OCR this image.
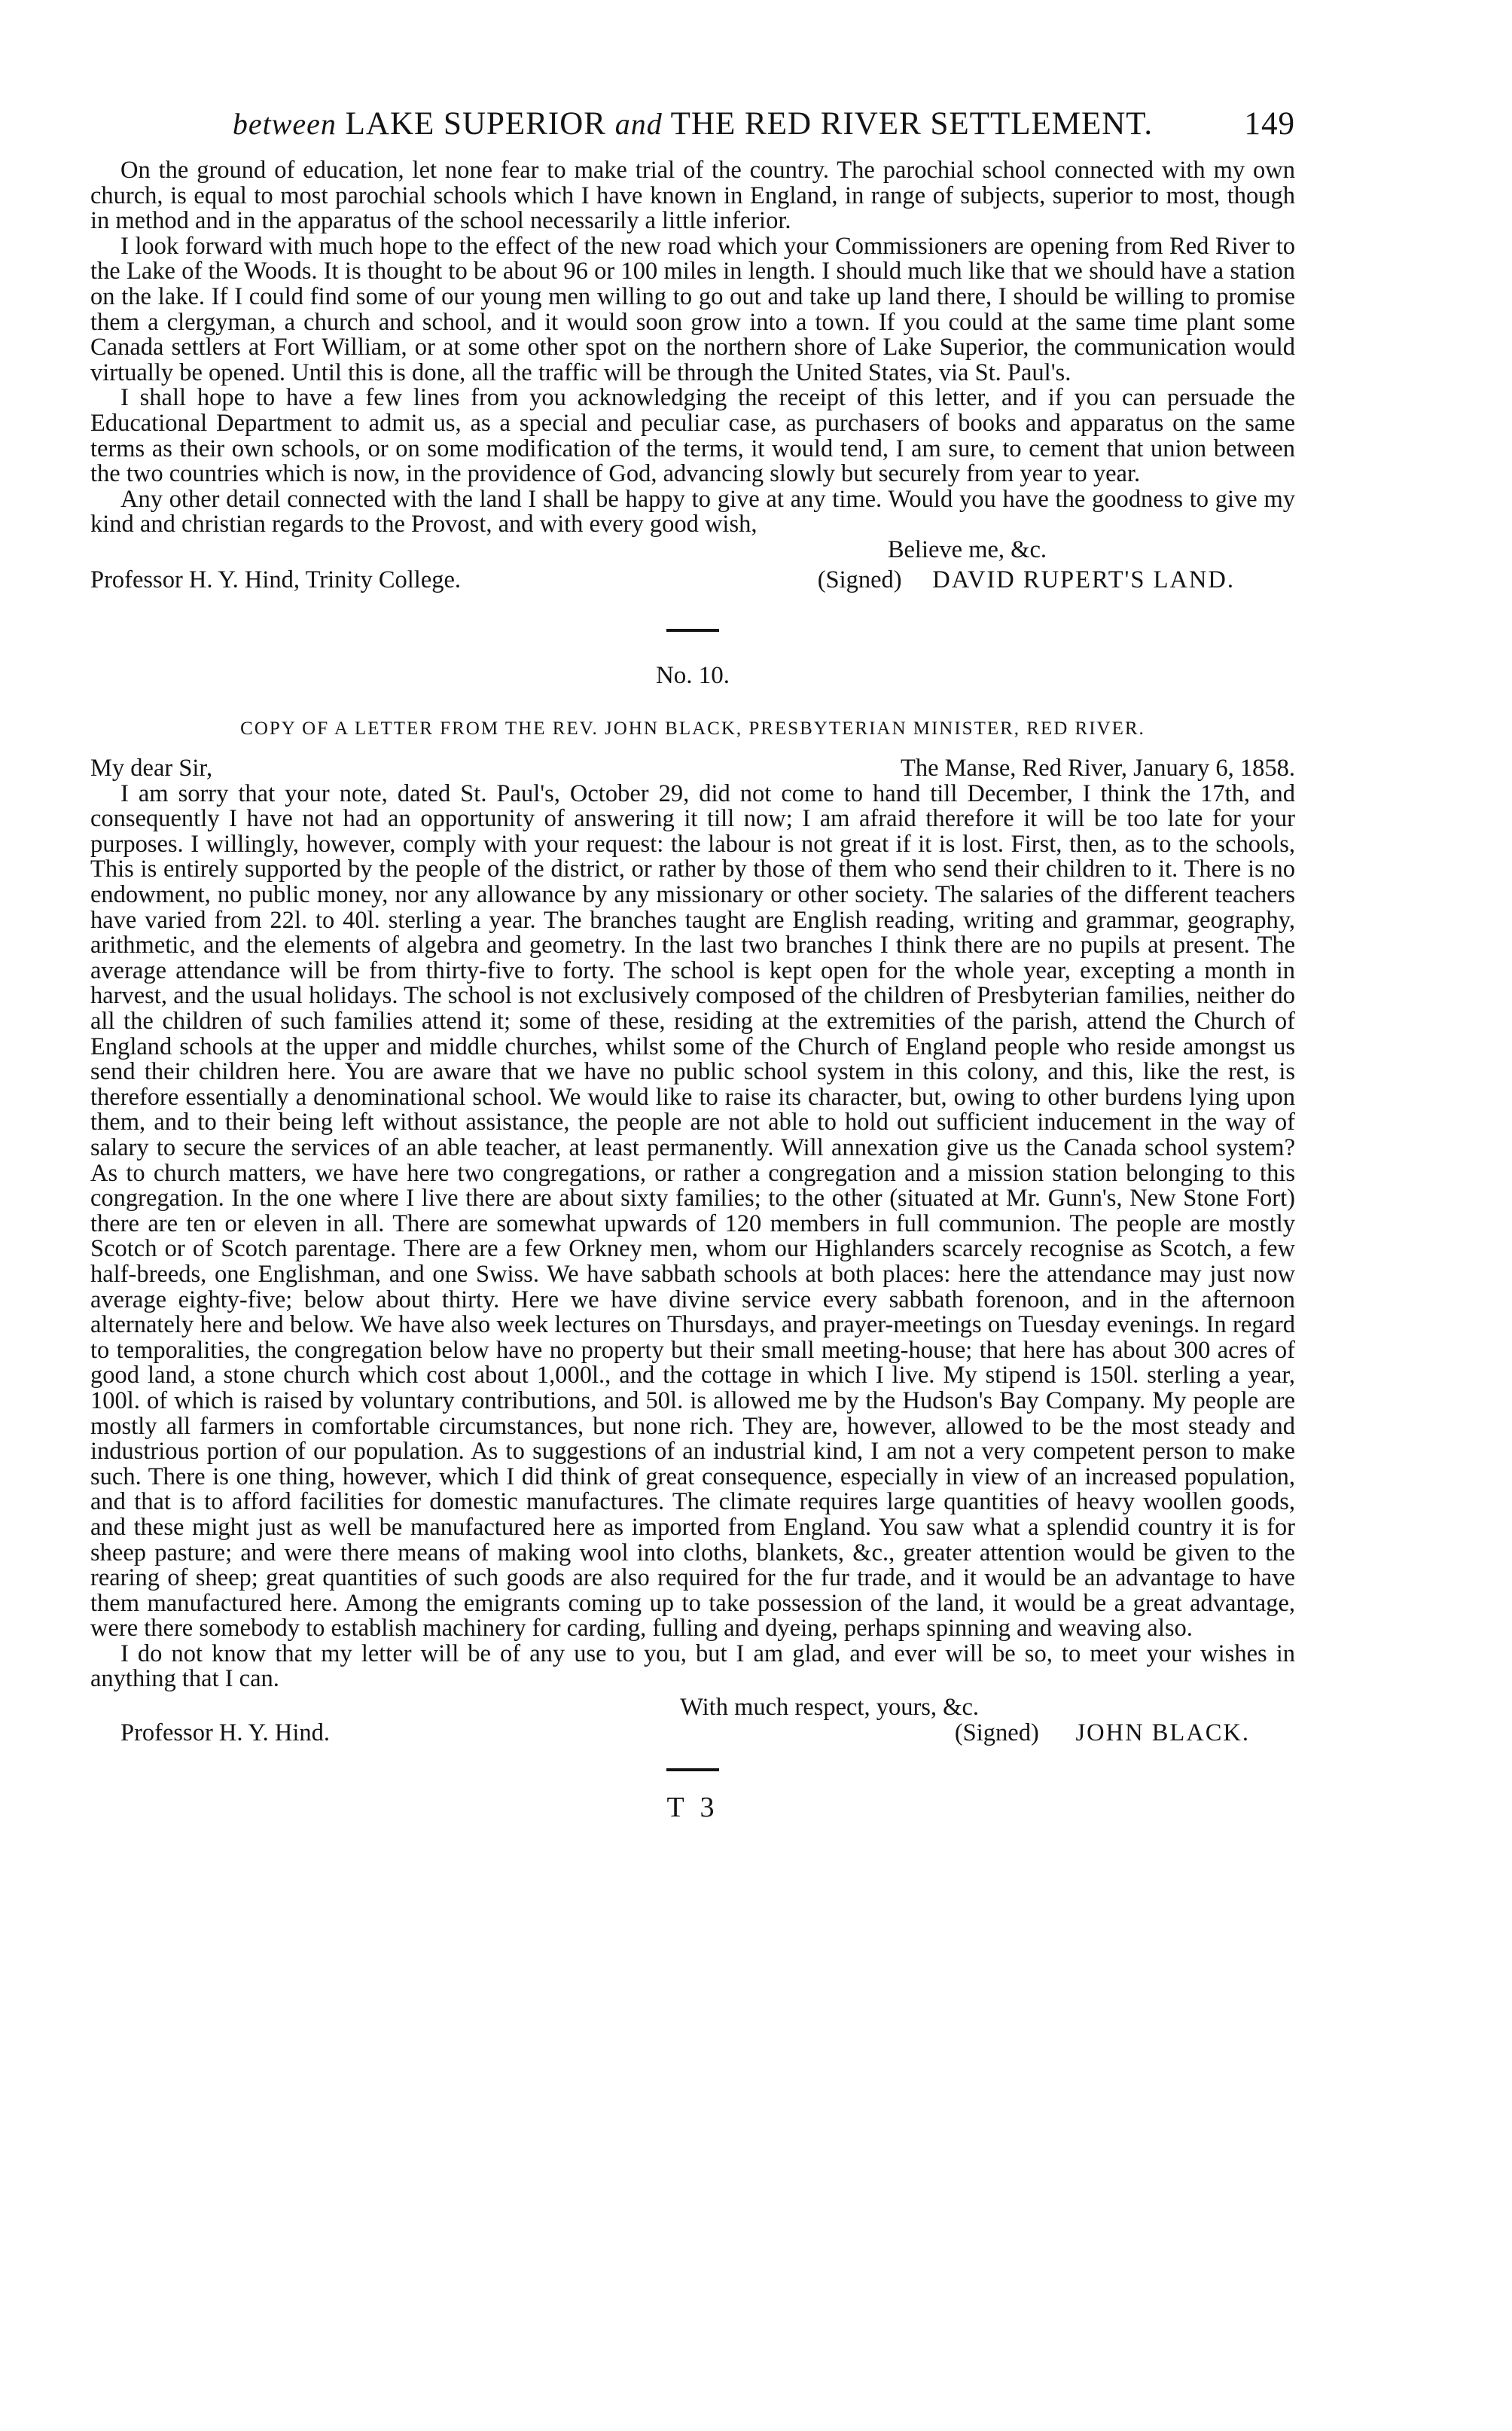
between LAKE SUPERIOR and THE RED RIVER SETTLEMENT.	149

On the ground of education, let none fear to make trial of the country. The parochial school connected with my own church, is equal to most parochial schools which I have known in England, in range of subjects, superior to most, though in method and in the apparatus of the school necessarily a little inferior.

I look forward with much hope to the effect of the new road which your Commissioners are opening from Red River to the Lake of the Woods. It is thought to be about 96 or 100 miles in length. I should much like that we should have a station on the lake. If I could find some of our young men willing to go out and take up land there, I should be willing to promise them a clergyman, a church and school, and it would soon grow into a town. If you could at the same time plant some Canada settlers at Fort William, or at some other spot on the northern shore of Lake Superior, the communication would virtually be opened. Until this is done, all the traffic will be through the United States, via St. Paul's.

I shall hope to have a few lines from you acknowledging the receipt of this letter, and if you can persuade the Educational Department to admit us, as a special and peculiar case, as purchasers of books and apparatus on the same terms as their own schools, or on some modification of the terms, it would tend, I am sure, to cement that union between the two countries which is now, in the providence of God, advancing slowly but securely from year to year.

Any other detail connected with the land I shall be happy to give at any time. Would you have the goodness to give my kind and christian regards to the Provost, and with every good wish,

Believe me, &c.
Professor H. Y. Hind, Trinity College.	(Signed) DAVID RUPERT'S LAND.
No. 10.
COPY OF A LETTER FROM THE REV. JOHN BLACK, PRESBYTERIAN MINISTER, RED RIVER.
My dear Sir,	The Manse, Red River, January 6, 1858.

I am sorry that your note, dated St. Paul's, October 29, did not come to hand till December, I think the 17th, and consequently I have not had an opportunity of answering it till now; I am afraid therefore it will be too late for your purposes. I willingly, however, comply with your request: the labour is not great if it is lost. First, then, as to the schools, This is entirely supported by the people of the district, or rather by those of them who send their children to it. There is no endowment, no public money, nor any allowance by any missionary or other society. The salaries of the different teachers have varied from 22l. to 40l. sterling a year. The branches taught are English reading, writing and grammar, geography, arithmetic, and the elements of algebra and geometry. In the last two branches I think there are no pupils at present. The average attendance will be from thirty-five to forty. The school is kept open for the whole year, excepting a month in harvest, and the usual holidays. The school is not exclusively composed of the children of Presbyterian families, neither do all the children of such families attend it; some of these, residing at the extremities of the parish, attend the Church of England schools at the upper and middle churches, whilst some of the Church of England people who reside amongst us send their children here. You are aware that we have no public school system in this colony, and this, like the rest, is therefore essentially a denominational school. We would like to raise its character, but, owing to other burdens lying upon them, and to their being left without assistance, the people are not able to hold out sufficient inducement in the way of salary to secure the services of an able teacher, at least permanently. Will annexation give us the Canada school system? As to church matters, we have here two congregations, or rather a congregation and a mission station belonging to this congregation. In the one where I live there are about sixty families; to the other (situated at Mr. Gunn's, New Stone Fort) there are ten or eleven in all. There are somewhat upwards of 120 members in full communion. The people are mostly Scotch or of Scotch parentage. There are a few Orkney men, whom our Highlanders scarcely recognise as Scotch, a few half-breeds, one Englishman, and one Swiss. We have sabbath schools at both places: here the attendance may just now average eighty-five; below about thirty. Here we have divine service every sabbath forenoon, and in the afternoon alternately here and below. We have also week lectures on Thursdays, and prayer-meetings on Tuesday evenings. In regard to temporalities, the congregation below have no property but their small meeting-house; that here has about 300 acres of good land, a stone church which cost about 1,000l., and the cottage in which I live. My stipend is 150l. sterling a year, 100l. of which is raised by voluntary contributions, and 50l. is allowed me by the Hudson's Bay Company. My people are mostly all farmers in comfortable circumstances, but none rich. They are, however, allowed to be the most steady and industrious portion of our population. As to suggestions of an industrial kind, I am not a very competent person to make such. There is one thing, however, which I did think of great consequence, especially in view of an increased population, and that is to afford facilities for domestic manufactures. The climate requires large quantities of heavy woollen goods, and these might just as well be manufactured here as imported from England. You saw what a splendid country it is for sheep pasture; and were there means of making wool into cloths, blankets, &c., greater attention would be given to the rearing of sheep; great quantities of such goods are also required for the fur trade, and it would be an advantage to have them manufactured here. Among the emigrants coming up to take possession of the land, it would be a great advantage, were there somebody to establish machinery for carding, fulling and dyeing, perhaps spinning and weaving also.

I do not know that my letter will be of any use to you, but I am glad, and ever will be so, to meet your wishes in anything that I can.

With much respect, yours, &c.
Professor H. Y. Hind.	(Signed) JOHN BLACK.
T 3
